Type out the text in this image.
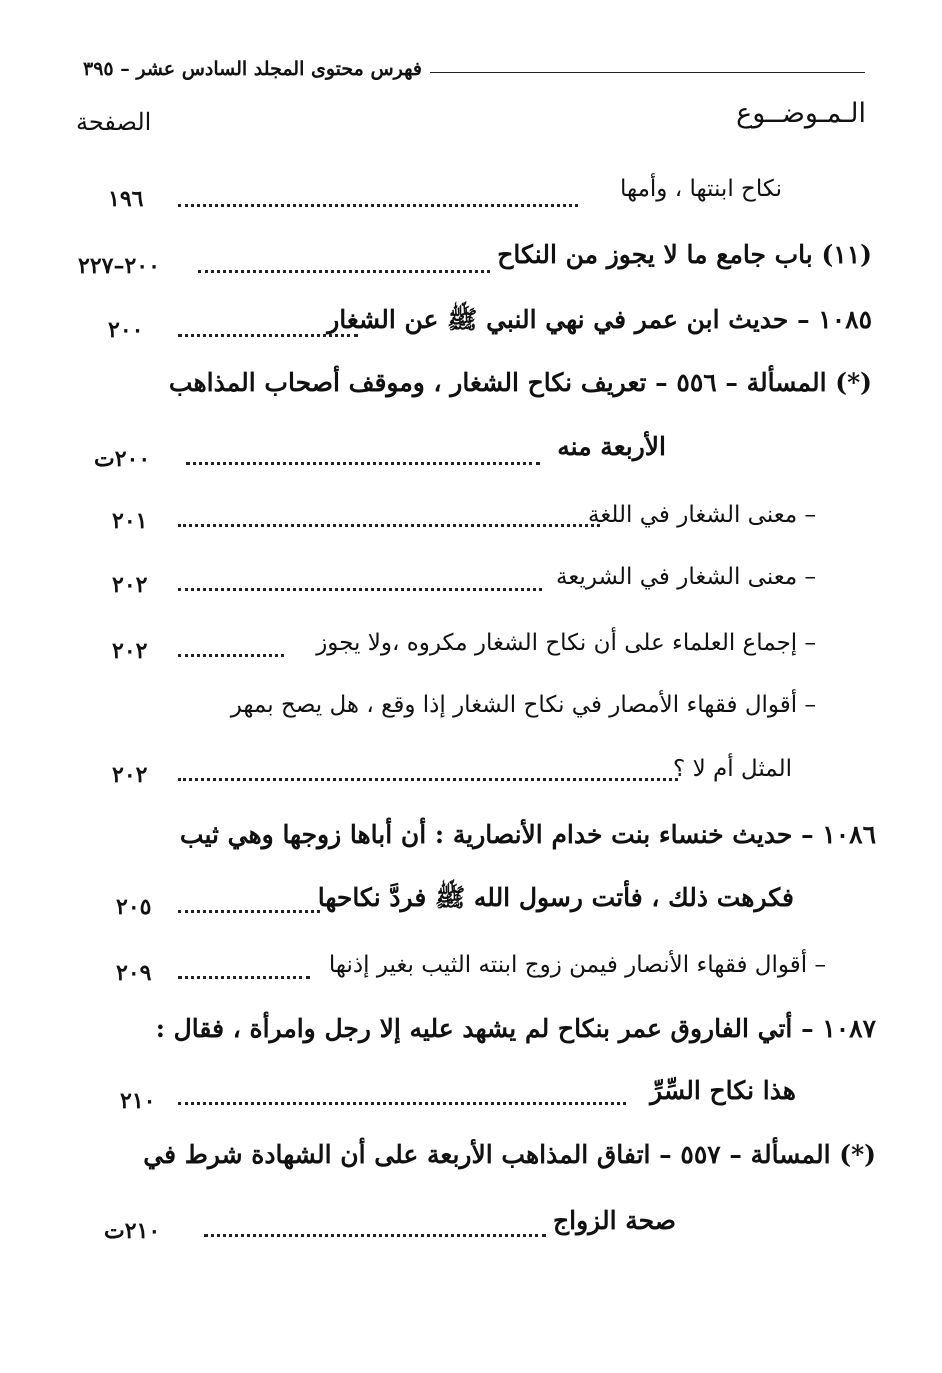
فهرس محتوى المجلد السادس عشر – ٣٩٥
الـمـوضــوع
الصفحة
نكاح ابنتها ، وأمها
١٩٦
(١١) باب جامع ما لا يجوز من النكاح
٢٠٠–٢٢٧
١٠٨٥ – حديث ابن عمر في نهي النبي ﷺ عن الشغار
٢٠٠
(*) المسألة – ٥٥٦ – تعريف نكاح الشغار ، وموقف أصحاب المذاهب
الأربعة منه
٢٠٠ت
– معنى الشغار في اللغة
٢٠١
– معنى الشغار في الشريعة
٢٠٢
– إجماع العلماء على أن نكاح الشغار مكروه ،ولا يجوز
٢٠٢
– أقوال فقهاء الأمصار في نكاح الشغار إذا وقع ، هل يصح بمهر
المثل أم لا ؟
٢٠٢
١٠٨٦ – حديث خنساء بنت خدام الأنصارية : أن أباها زوجها وهي ثيب
فكرهت ذلك ، فأتت رسول الله ﷺ فردَّ نكاحها
٢٠٥
– أقوال فقهاء الأنصار فيمن زوج ابنته الثيب بغير إذنها
٢٠٩
١٠٨٧ – أتي الفاروق عمر بنكاح لم يشهد عليه إلا رجل وامرأة ، فقال :
هذا نكاح السِّرِّ
٢١٠
(*) المسألة – ٥٥٧ – اتفاق المذاهب الأربعة على أن الشهادة شرط في
صحة الزواج
٢١٠ت
